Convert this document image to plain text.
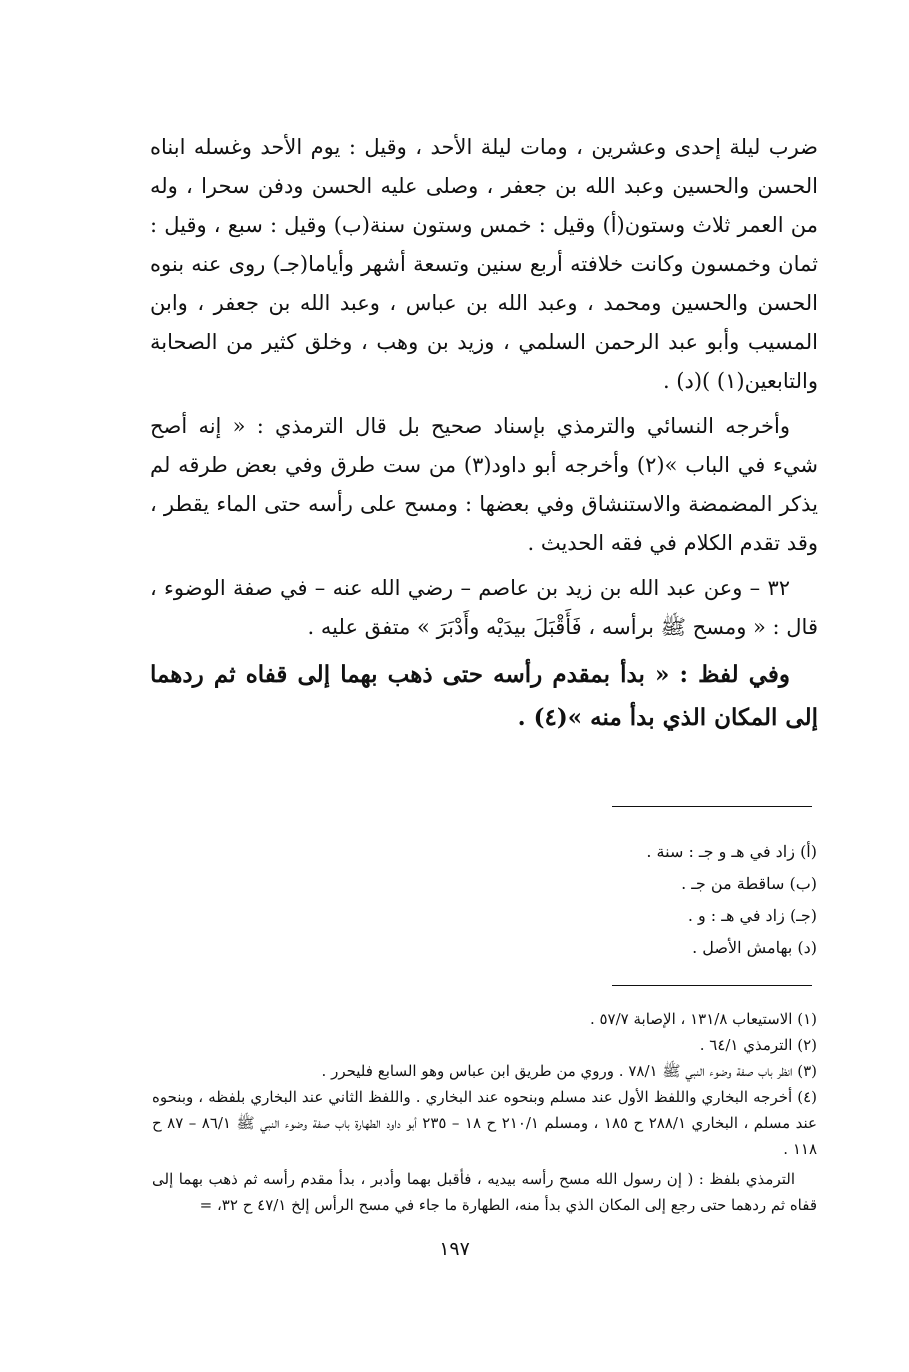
ضرب ليلة إحدى وعشرين ، ومات ليلة الأحد ، وقيل : يوم الأحد وغسله ابناه الحسن والحسين وعبد الله بن جعفر ، وصلى عليه الحسن ودفن سحرا ، وله من العمر ثلاث وستون(أ) وقيل : خمس وستون سنة(ب) وقيل : سبع ، وقيل : ثمان وخمسون وكانت خلافته أربع سنين وتسعة أشهر وأياما(جـ) روى عنه بنوه الحسن والحسين ومحمد ، وعبد الله بن عباس ، وعبد الله بن جعفر ، وابن المسيب وأبو عبد الرحمن السلمي ، وزيد بن وهب ، وخلق كثير من الصحابة والتابعين(١) )(د) .

وأخرجه النسائي والترمذي بإسناد صحيح بل قال الترمذي : « إنه أصح شيء في الباب »(٢) وأخرجه أبو داود(٣) من ست طرق وفي بعض طرقه لم يذكر المضمضة والاستنشاق وفي بعضها : ومسح على رأسه حتى الماء يقطر ، وقد تقدم الكلام في فقه الحديث .

٣٢ – وعن عبد الله بن زيد بن عاصم – رضي الله عنه – في صفة الوضوء ، قال : « ومسح ﷺ برأسه ، فَأَقْبَلَ بيدَيْه وأَدْبَرَ » متفق عليه .

وفي لفظ : « بدأ بمقدم رأسه حتى ذهب بهما إلى قفاه ثم ردهما إلى المكان الذي بدأ منه »(٤) .

(أ) زاد في هـ و جـ : سنة .
(ب) ساقطة من جـ .
(جـ) زاد في هـ : و .
(د) بهامش الأصل .

(١) الاستيعاب ١٣١/٨ ، الإصابة ٥٧/٧ .

(٢) الترمذي ٦٤/١ .

(٣) انظر باب صفة وضوء النبي ﷺ ٧٨/١ . وروي من طريق ابن عباس وهو السابع فليحرر .

(٤) أخرجه البخاري واللفظ الأول عند مسلم وبنحوه عند البخاري . واللفظ الثاني عند البخاري بلفظه ، وبنحوه عند مسلم ، البخاري ٢٨٨/١ ح ١٨٥ ، ومسلم ٢١٠/١ ح ١٨ – ٢٣٥ أبو داود الطهارة باب صفة وضوء النبي ﷺ ٨٦/١ – ٨٧ ح ١١٨ .

الترمذي بلفظ : ( إن رسول الله مسح رأسه بيديه ، فأقبل بهما وأدبر ، بدأ مقدم رأسه ثم ذهب بهما إلى قفاه ثم ردهما حتى رجع إلى المكان الذي بدأ منه، الطهارة ما جاء في مسح الرأس إلخ ٤٧/١ ح ٣٢، =

١٩٧
